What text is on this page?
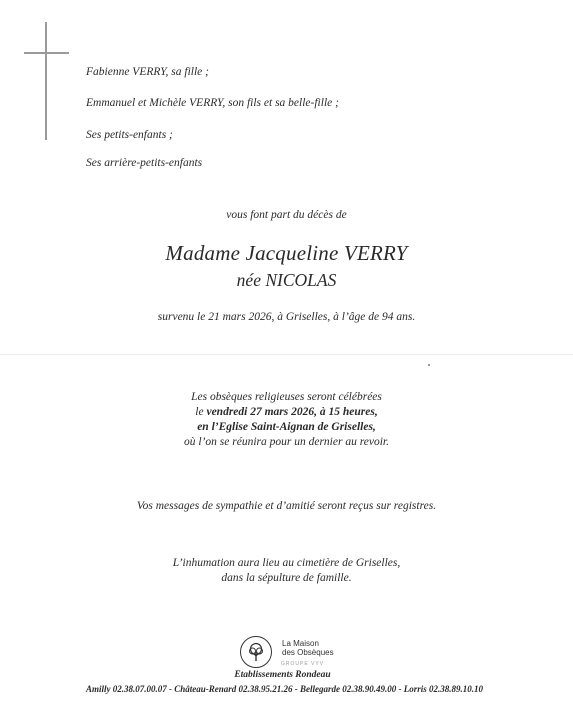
Fabienne VERRY, sa fille ;
Emmanuel et Michèle VERRY, son fils et sa belle-fille ;
Ses petits-enfants ;
Ses arrière-petits-enfants
vous font part du décès de
Madame Jacqueline VERRY
née NICOLAS
survenu le 21 mars 2026, à Griselles, à l’âge de 94 ans.
Les obsèques religieuses seront célébrées
le vendredi 27 mars 2026, à 15 heures,
en l’Eglise Saint-Aignan de Griselles,
où l’on se réunira pour un dernier au revoir.
Vos messages de sympathie et d’amitié seront reçus sur registres.
L’inhumation aura lieu au cimetière de Griselles,
dans la sépulture de famille.
La Maison
des Obsèques
GROUPE VYV
Etablissements Rondeau
Amilly 02.38.07.00.07 - Château-Renard 02.38.95.21.26 - Bellegarde 02.38.90.49.00 - Lorris 02.38.89.10.10
